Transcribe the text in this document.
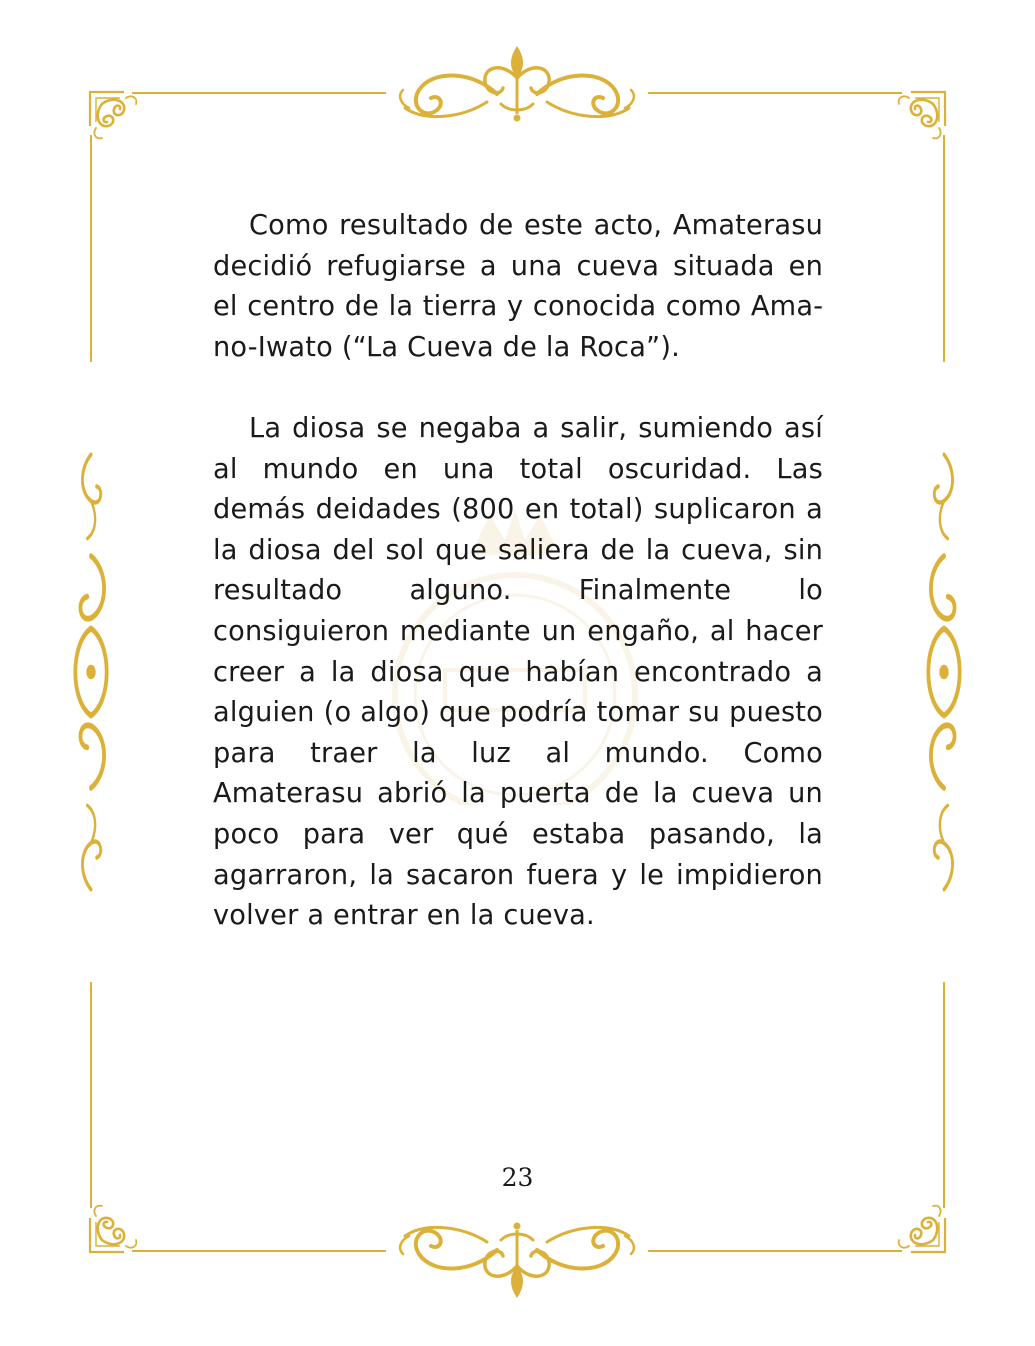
Como resultado de este acto, Amaterasu decidió refugiarse a una cueva situada en el centro de la tierra y conocida como Amano-Iwato (“La Cueva de la Roca”).

La diosa se negaba a salir, sumiendo así al mundo en una total oscuridad. Las demás deidades (800 en total) suplicaron a la diosa del sol que saliera de la cueva, sin resultado alguno. Finalmente lo consiguieron mediante un engaño, al hacer creer a la diosa que habían encontrado a alguien (o algo) que podría tomar su puesto para traer la luz al mundo. Como Amaterasu abrió la puerta de la cueva un poco para ver qué estaba pasando, la agarraron, la sacaron fuera y le impidieron volver a entrar en la cueva.

23
